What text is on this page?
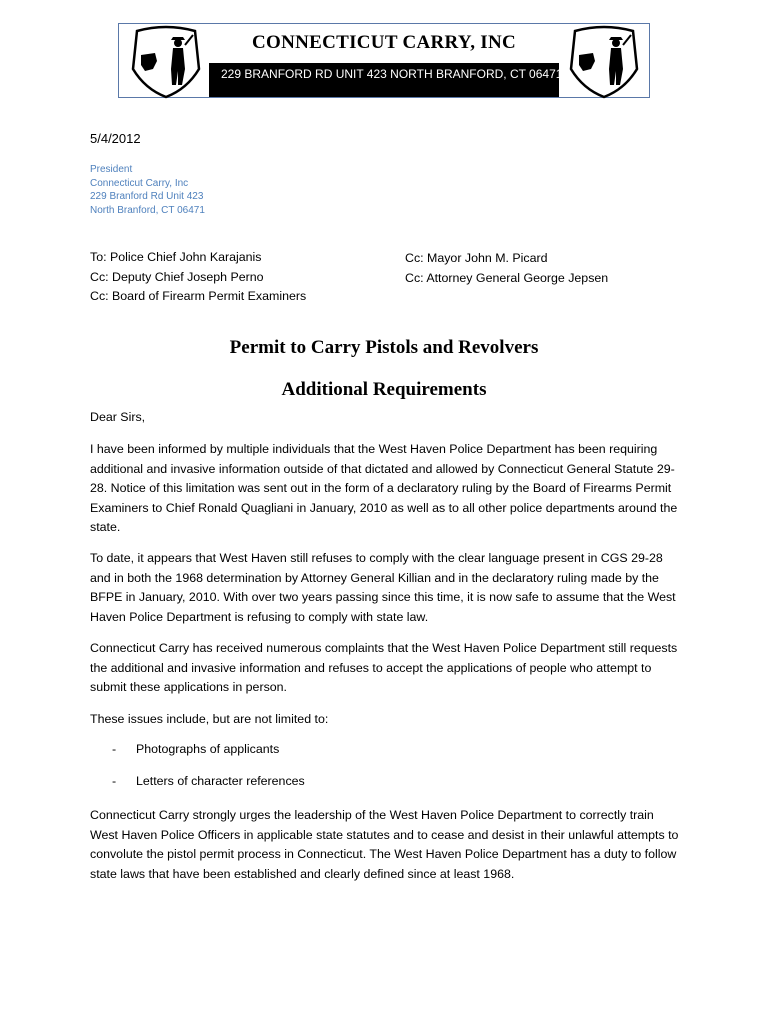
CONNECTICUT CARRY, INC
229 BRANFORD RD UNIT 423 NORTH BRANFORD, CT 06471
5/4/2012
President
Connecticut Carry, Inc
229 Branford Rd Unit 423
North Branford, CT 06471
To: Police Chief John Karajanis
Cc: Deputy Chief Joseph Perno
Cc: Board of Firearm Permit Examiners
Cc: Mayor John M. Picard
Cc: Attorney General George Jepsen
Permit to Carry Pistols and Revolvers
Additional Requirements
Dear Sirs,
I have been informed by multiple individuals that the West Haven Police Department has been requiring additional and invasive information outside of that dictated and allowed by Connecticut General Statute 29-28. Notice of this limitation was sent out in the form of a declaratory ruling by the Board of Firearms Permit Examiners to Chief Ronald Quagliani in January, 2010 as well as to all other police departments around the state.
To date, it appears that West Haven still refuses to comply with the clear language present in CGS 29-28 and in both the 1968 determination by Attorney General Killian and in the declaratory ruling made by the BFPE in January, 2010. With over two years passing since this time, it is now safe to assume that the West Haven Police Department is refusing to comply with state law.
Connecticut Carry has received numerous complaints that the West Haven Police Department still requests the additional and invasive information and refuses to accept the applications of people who attempt to submit these applications in person.
These issues include, but are not limited to:
- Photographs of applicants
- Letters of character references
Connecticut Carry strongly urges the leadership of the West Haven Police Department to correctly train West Haven Police Officers in applicable state statutes and to cease and desist in their unlawful attempts to convolute the pistol permit process in Connecticut. The West Haven Police Department has a duty to follow state laws that have been established and clearly defined since at least 1968.
